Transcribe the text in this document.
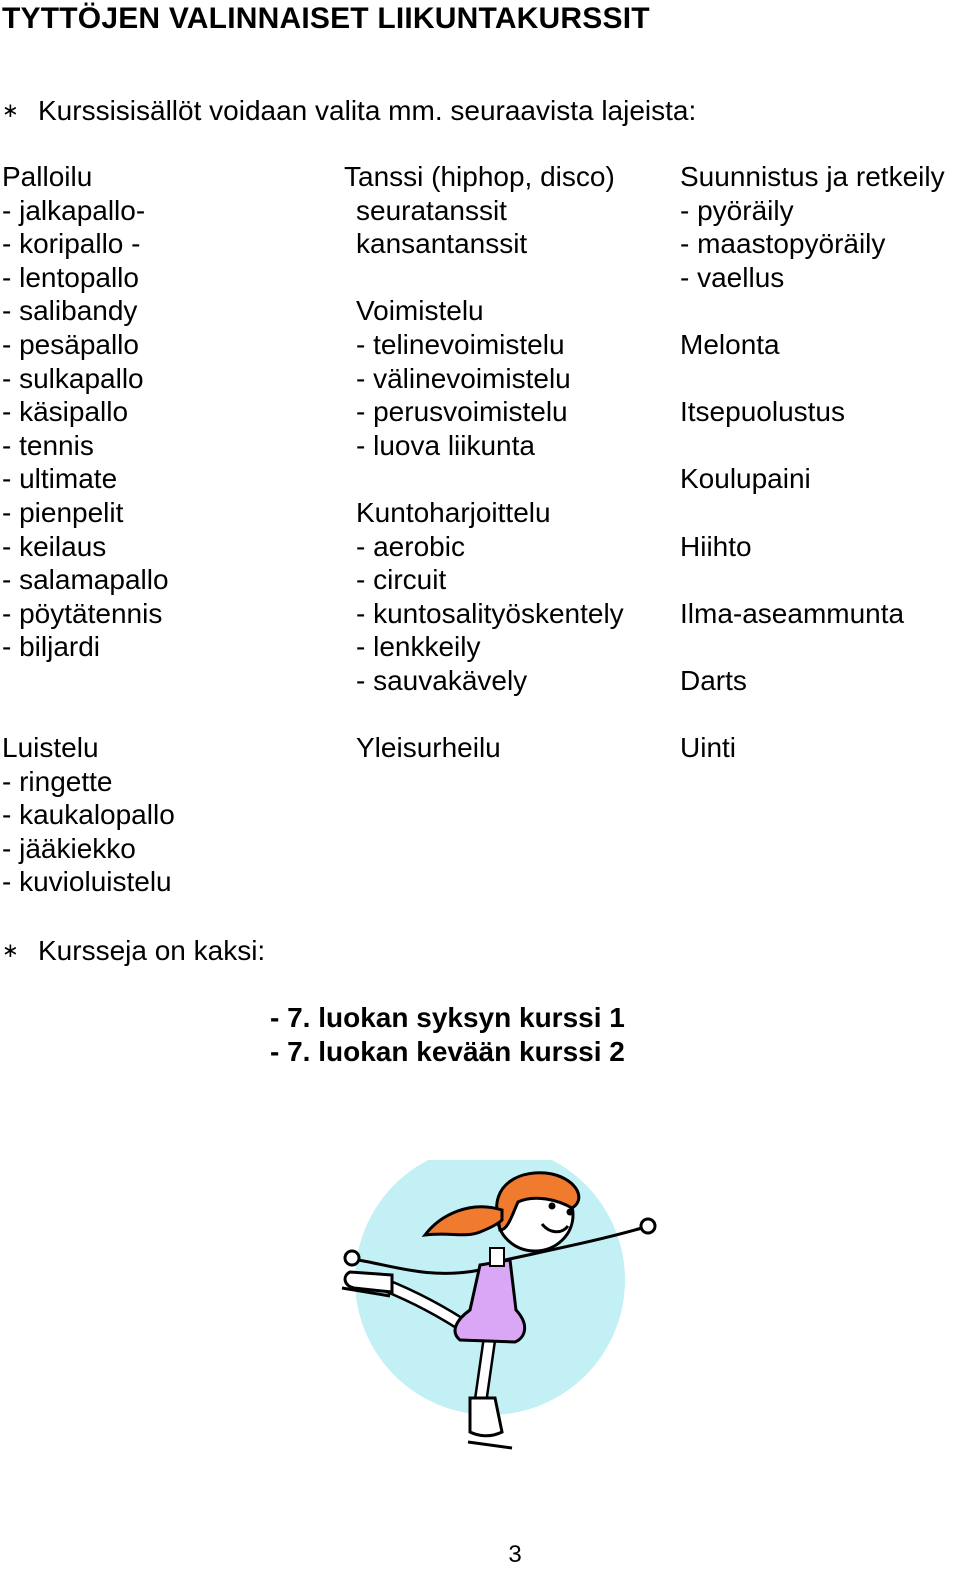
TYTTÖJEN VALINNAISET LIIKUNTAKURSSIT
∗ Kurssisisällöt voidaan valita mm. seuraavista lajeista:
Palloilu
- jalkapallo-
- koripallo -
- lentopallo
- salibandy
- pesäpallo
- sulkapallo
- käsipallo
- tennis
- ultimate
- pienpelit
- keilaus
- salamapallo
- pöytätennis
- biljardi
Tanssi (hiphop, disco)
seuratanssit
kansantanssit
Voimistelu
- telinevoimistelu
- välinevoimistelu
- perusvoimistelu
- luova liikunta
Kuntoharjoittelu
- aerobic
- circuit
- kuntosalityöskentely
- lenkkeily
- sauvakävely
Suunnistus ja retkeily
- pyöräily
- maastopyöräily
- vaellus
Melonta
Itsepuolustus
Koulupaini
Hiihto
Ilma-aseammunta
Darts
Luistelu
- ringette
- kaukalopallo
- jääkiekko
- kuvioluistelu
Yleisurheilu	Uinti
∗ Kursseja on kaksi:
- 7. luokan syksyn kurssi 1
- 7. luokan kevään kurssi 2
3
